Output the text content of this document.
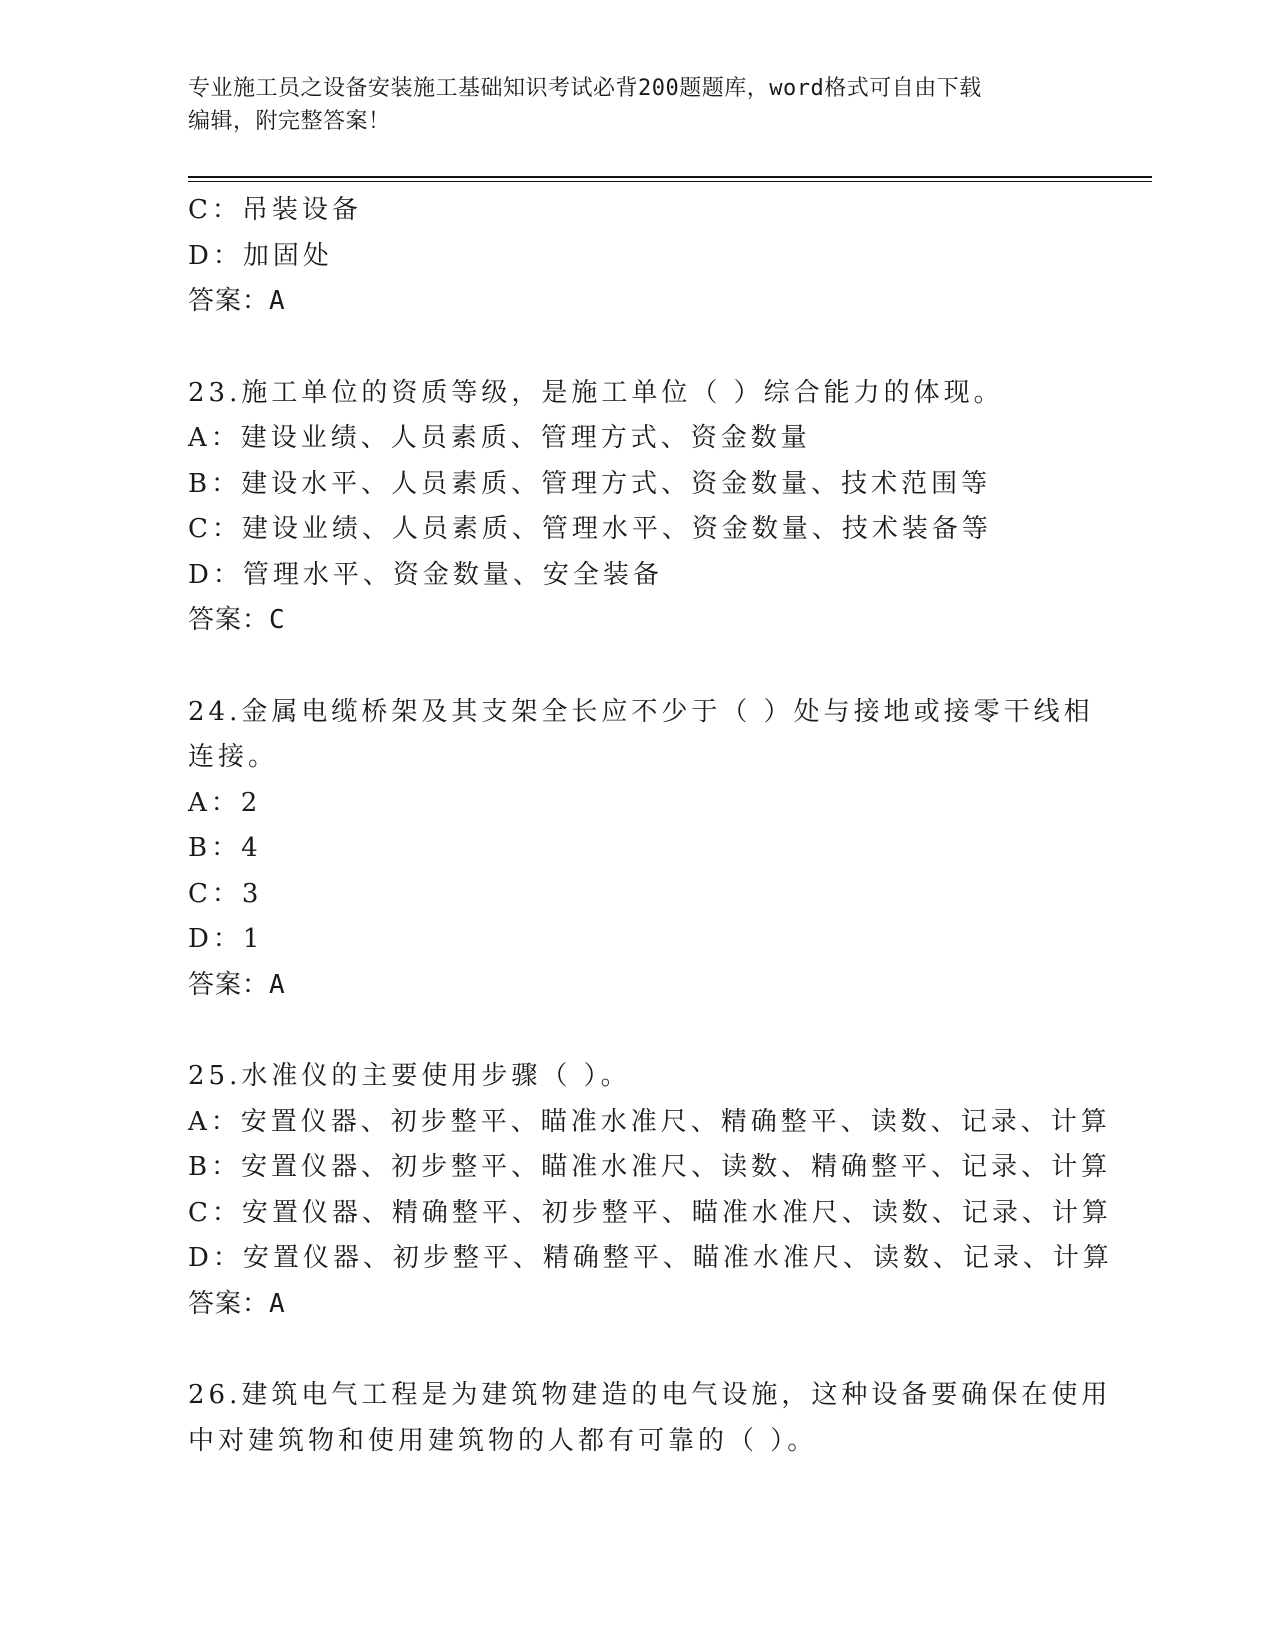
专业施工员之设备安装施工基础知识考试必背200题题库，word格式可自由下载
编辑，附完整答案！
C：吊装设备
D：加固处
答案：A
23.施工单位的资质等级，是施工单位（ ）综合能力的体现。
A：建设业绩、人员素质、管理方式、资金数量
B：建设水平、人员素质、管理方式、资金数量、技术范围等
C：建设业绩、人员素质、管理水平、资金数量、技术装备等
D：管理水平、资金数量、安全装备
答案：C
24.金属电缆桥架及其支架全长应不少于（ ）处与接地或接零干线相
连接。
A：2
B：4
C：3
D：1
答案：A
25.水准仪的主要使用步骤（ ）。
A：安置仪器、初步整平、瞄准水准尺、精确整平、读数、记录、计算
B：安置仪器、初步整平、瞄准水准尺、读数、精确整平、记录、计算
C：安置仪器、精确整平、初步整平、瞄准水准尺、读数、记录、计算
D：安置仪器、初步整平、精确整平、瞄准水准尺、读数、记录、计算
答案：A
26.建筑电气工程是为建筑物建造的电气设施，这种设备要确保在使用
中对建筑物和使用建筑物的人都有可靠的（ ）。
